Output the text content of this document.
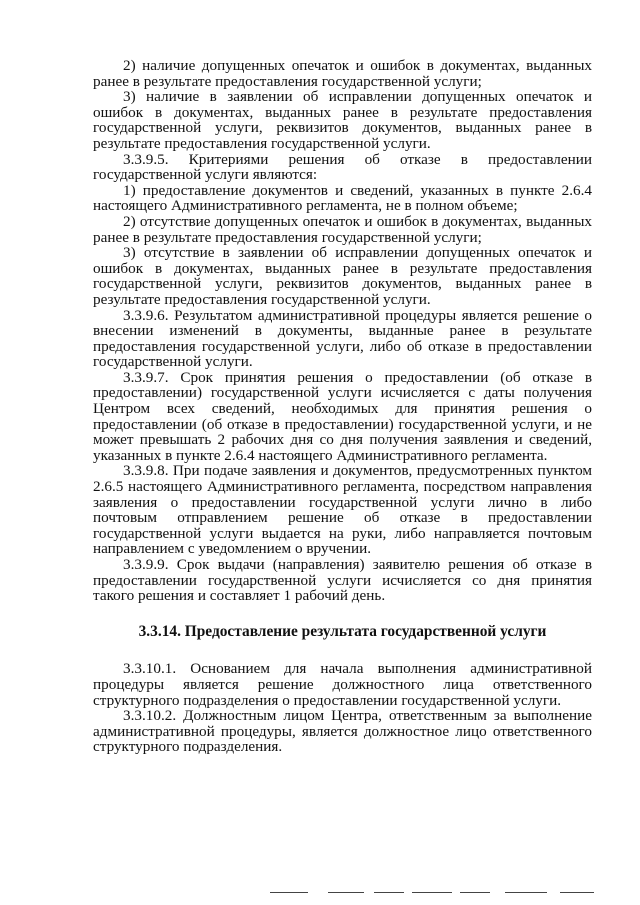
2) наличие допущенных опечаток и ошибок в документах, выданных ранее в результате предоставления государственной услуги;

3) наличие в заявлении об исправлении допущенных опечаток и ошибок в документах, выданных ранее в результате предоставления государственной услуги, реквизитов документов, выданных ранее в результате предоставления государственной услуги.

3.3.9.5. Критериями решения об отказе в предоставлении государственной услуги являются:

1) предоставление документов и сведений, указанных в пункте 2.6.4 настоящего Административного регламента, не в полном объеме;

2) отсутствие допущенных опечаток и ошибок в документах, выданных ранее в результате предоставления государственной услуги;

3) отсутствие в заявлении об исправлении допущенных опечаток и ошибок в документах, выданных ранее в результате предоставления государственной услуги, реквизитов документов, выданных ранее в результате предоставления государственной услуги.

3.3.9.6. Результатом административной процедуры является решение о внесении изменений в документы, выданные ранее в результате предоставления государственной услуги, либо об отказе в предоставлении государственной услуги.

3.3.9.7. Срок принятия решения о предоставлении (об отказе в предоставлении) государственной услуги исчисляется с даты получения Центром всех сведений, необходимых для принятия решения о предоставлении (об отказе в предоставлении) государственной услуги, и не может превышать 2 рабочих дня со дня получения заявления и сведений, указанных в пункте 2.6.4 настоящего Административного регламента.

3.3.9.8. При подаче заявления и документов, предусмотренных пунктом 2.6.5 настоящего Административного регламента, посредством направления заявления о предоставлении государственной услуги лично в либо почтовым отправлением решение об отказе в предоставлении государственной услуги выдается на руки, либо направляется почтовым направлением с уведомлением о вручении.

3.3.9.9. Срок выдачи (направления) заявителю решения об отказе в предоставлении государственной услуги исчисляется со дня принятия такого решения и составляет 1 рабочий день.

3.3.14. Предоставление результата государственной услуги

3.3.10.1. Основанием для начала выполнения административной процедуры является решение должностного лица ответственного структурного подразделения о предоставлении государственной услуги.

3.3.10.2. Должностным лицом Центра, ответственным за выполнение административной процедуры, является должностное лицо ответственного структурного подразделения.
